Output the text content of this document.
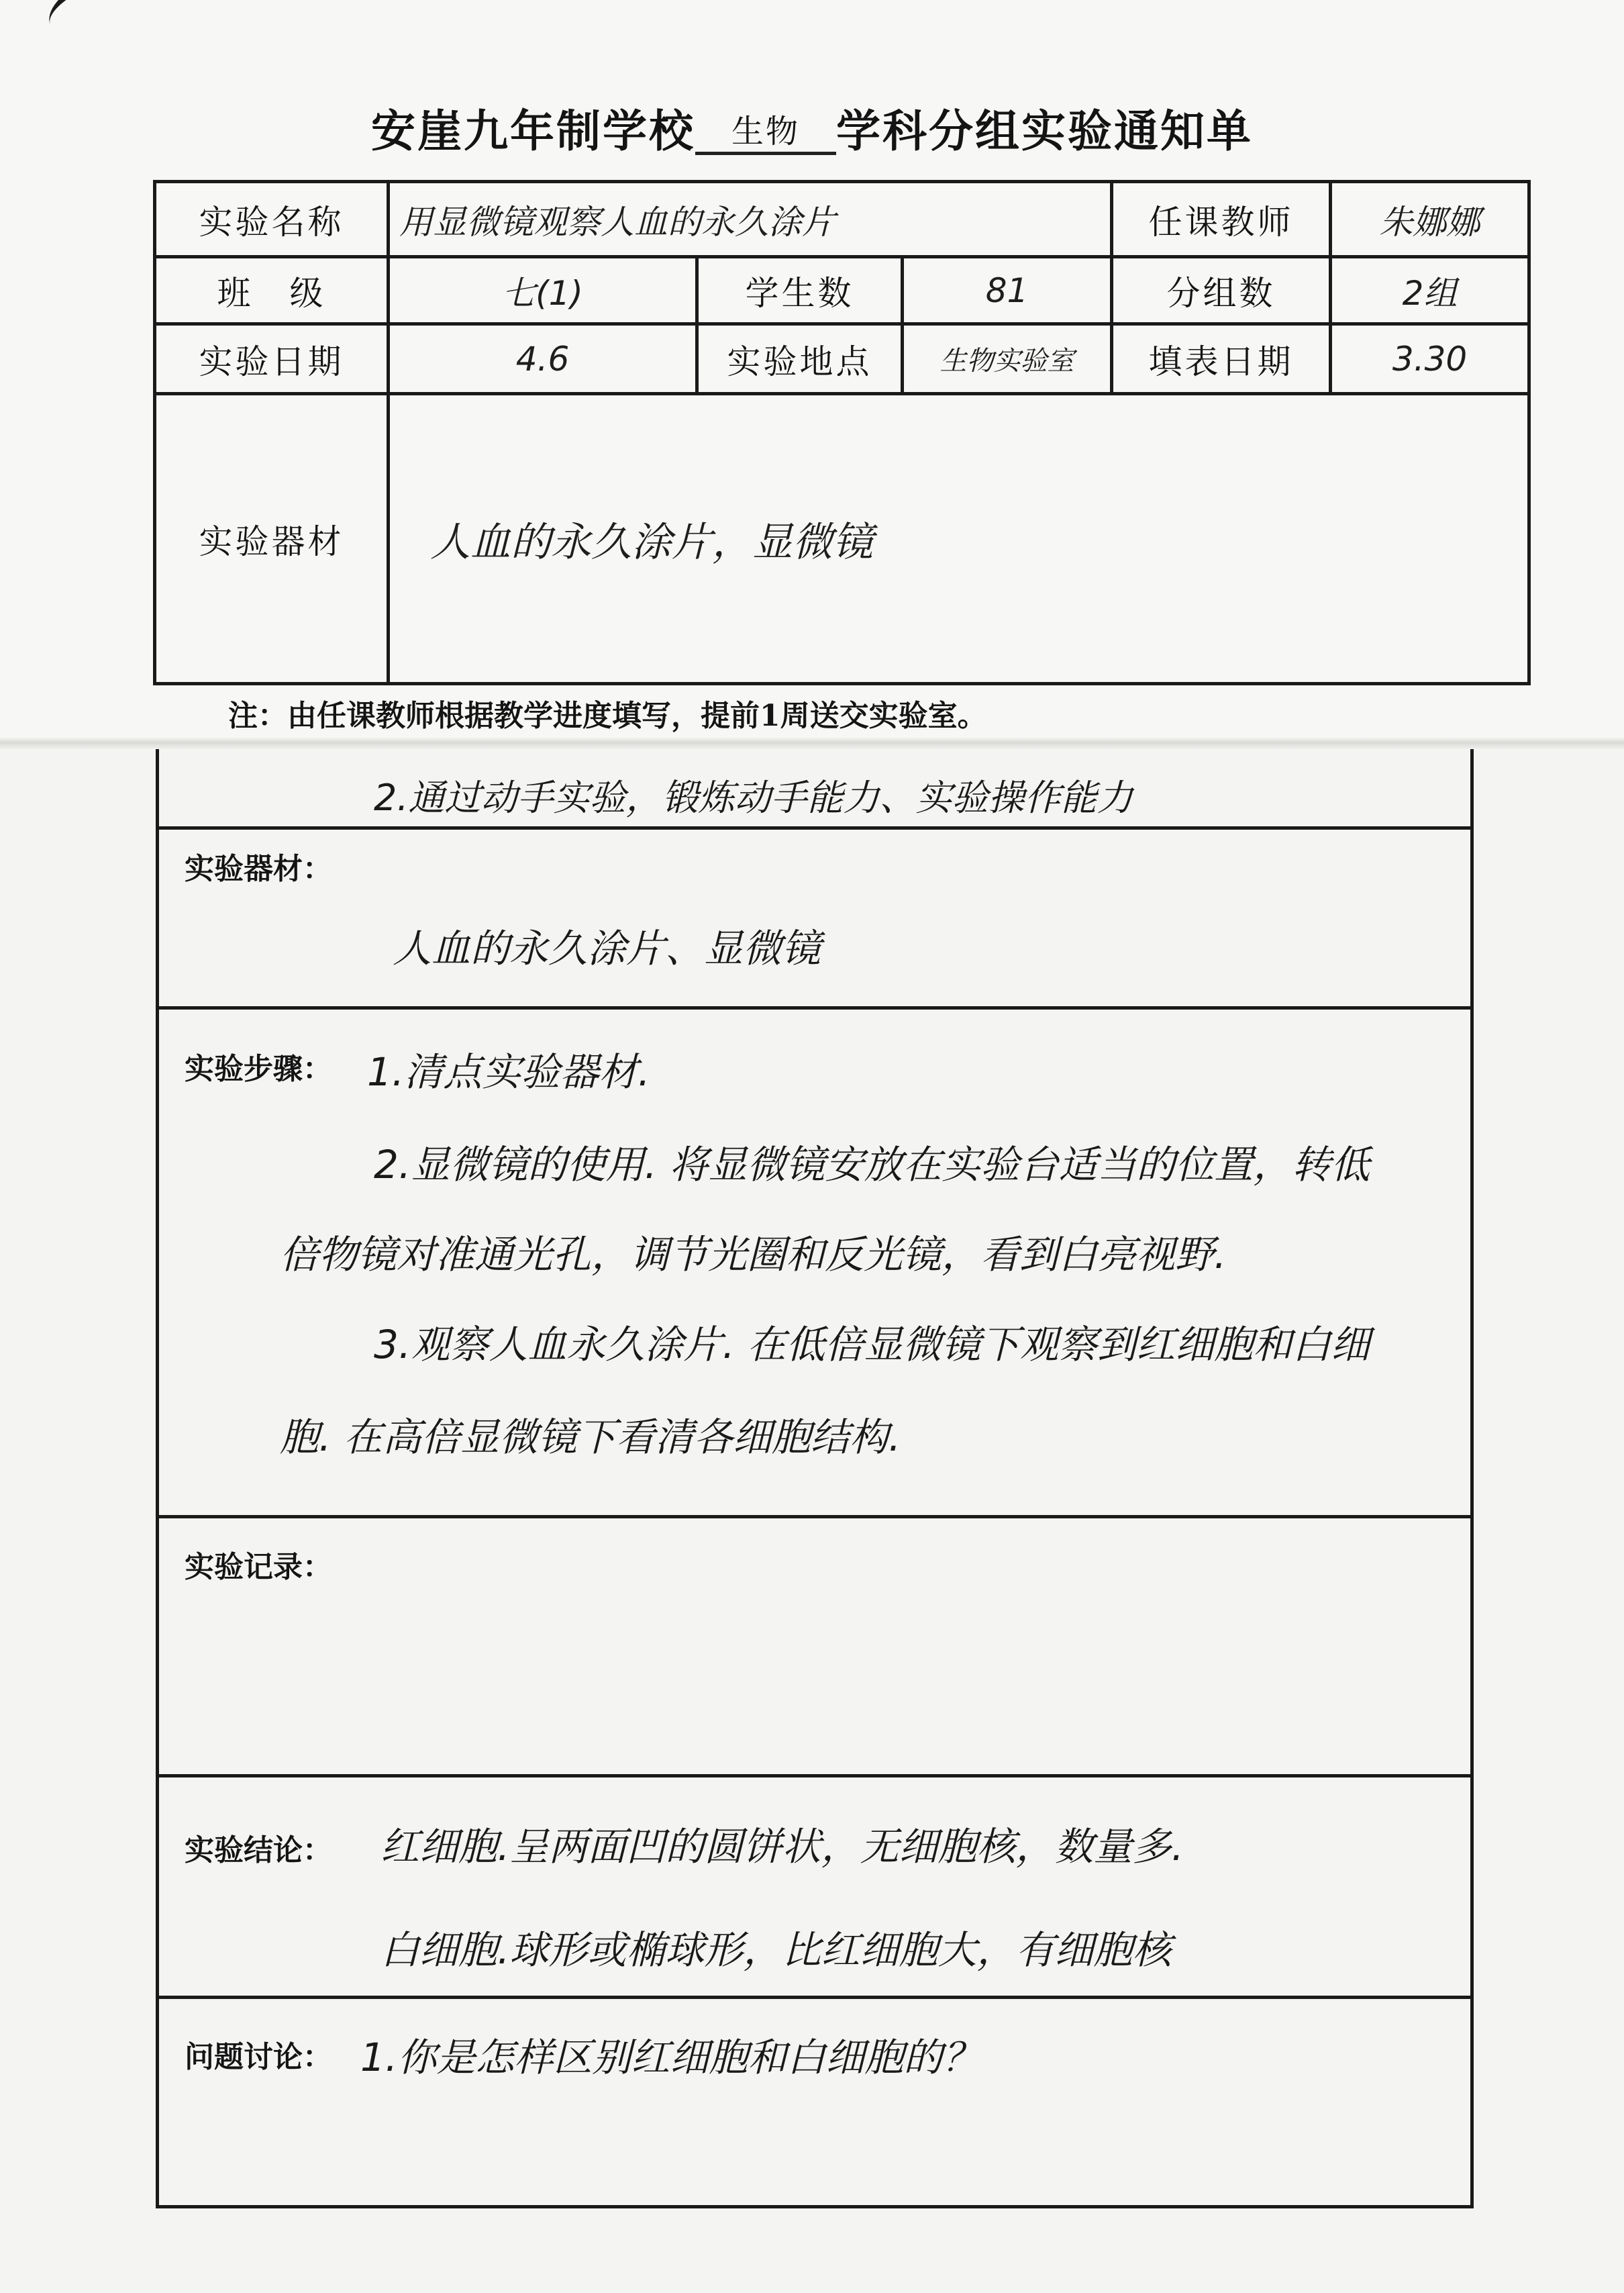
安崖九年制学校 生物 学科分组实验通知单
实验名称	用显微镜观察人血的永久涂片			任课教师	朱娜娜
班　级	七(1)	学生数	81	分组数	2组
实验日期	4.6	实验地点	生物实验室	填表日期	3.30
实验器材	人血的永久涂片，显微镜				
注：由任课教师根据教学进度填写，提前1周送交实验室。
2.通过动手实验，锻炼动手能力、实验操作能力
实验器材：
人血的永久涂片、显微镜
实验步骤： 1.清点实验器材.
2.显微镜的使用. 将显微镜安放在实验台适当的位置，转低
倍物镜对准通光孔，调节光圈和反光镜，看到白亮视野.
3.观察人血永久涂片. 在低倍显微镜下观察到红细胞和白细
胞. 在高倍显微镜下看清各细胞结构.
实验记录：
实验结论： 红细胞.呈两面凹的圆饼状，无细胞核，数量多.
白细胞.球形或椭球形，比红细胞大，有细胞核
问题讨论： 1.你是怎样区别红细胞和白细胞的？
